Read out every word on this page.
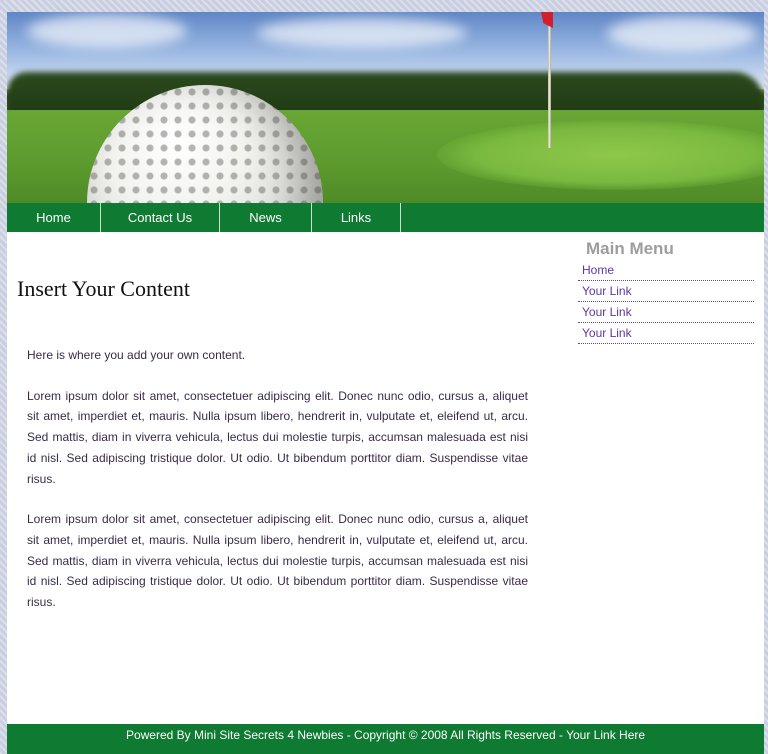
Home	Contact Us	News	Links
Insert Your Content

Here is where you add your own content.

Lorem ipsum dolor sit amet, consectetuer adipiscing elit. Donec nunc odio, cursus a, aliquet sit amet, imperdiet et, mauris. Nulla ipsum libero, hendrerit in, vulputate et, eleifend ut, arcu. Sed mattis, diam in viverra vehicula, lectus dui molestie turpis, accumsan malesuada est nisi id nisl. Sed adipiscing tristique dolor. Ut odio. Ut bibendum porttitor diam. Suspendisse vitae risus.

Lorem ipsum dolor sit amet, consectetuer adipiscing elit. Donec nunc odio, cursus a, aliquet sit amet, imperdiet et, mauris. Nulla ipsum libero, hendrerit in, vulputate et, eleifend ut, arcu. Sed mattis, diam in viverra vehicula, lectus dui molestie turpis, accumsan malesuada est nisi id nisl. Sed adipiscing tristique dolor. Ut odio. Ut bibendum porttitor diam. Suspendisse vitae risus.

Main Menu
Home
Your Link
Your Link
Your Link
Powered By Mini Site Secrets 4 Newbies - Copyright © 2008 All Rights Reserved - Your Link Here
